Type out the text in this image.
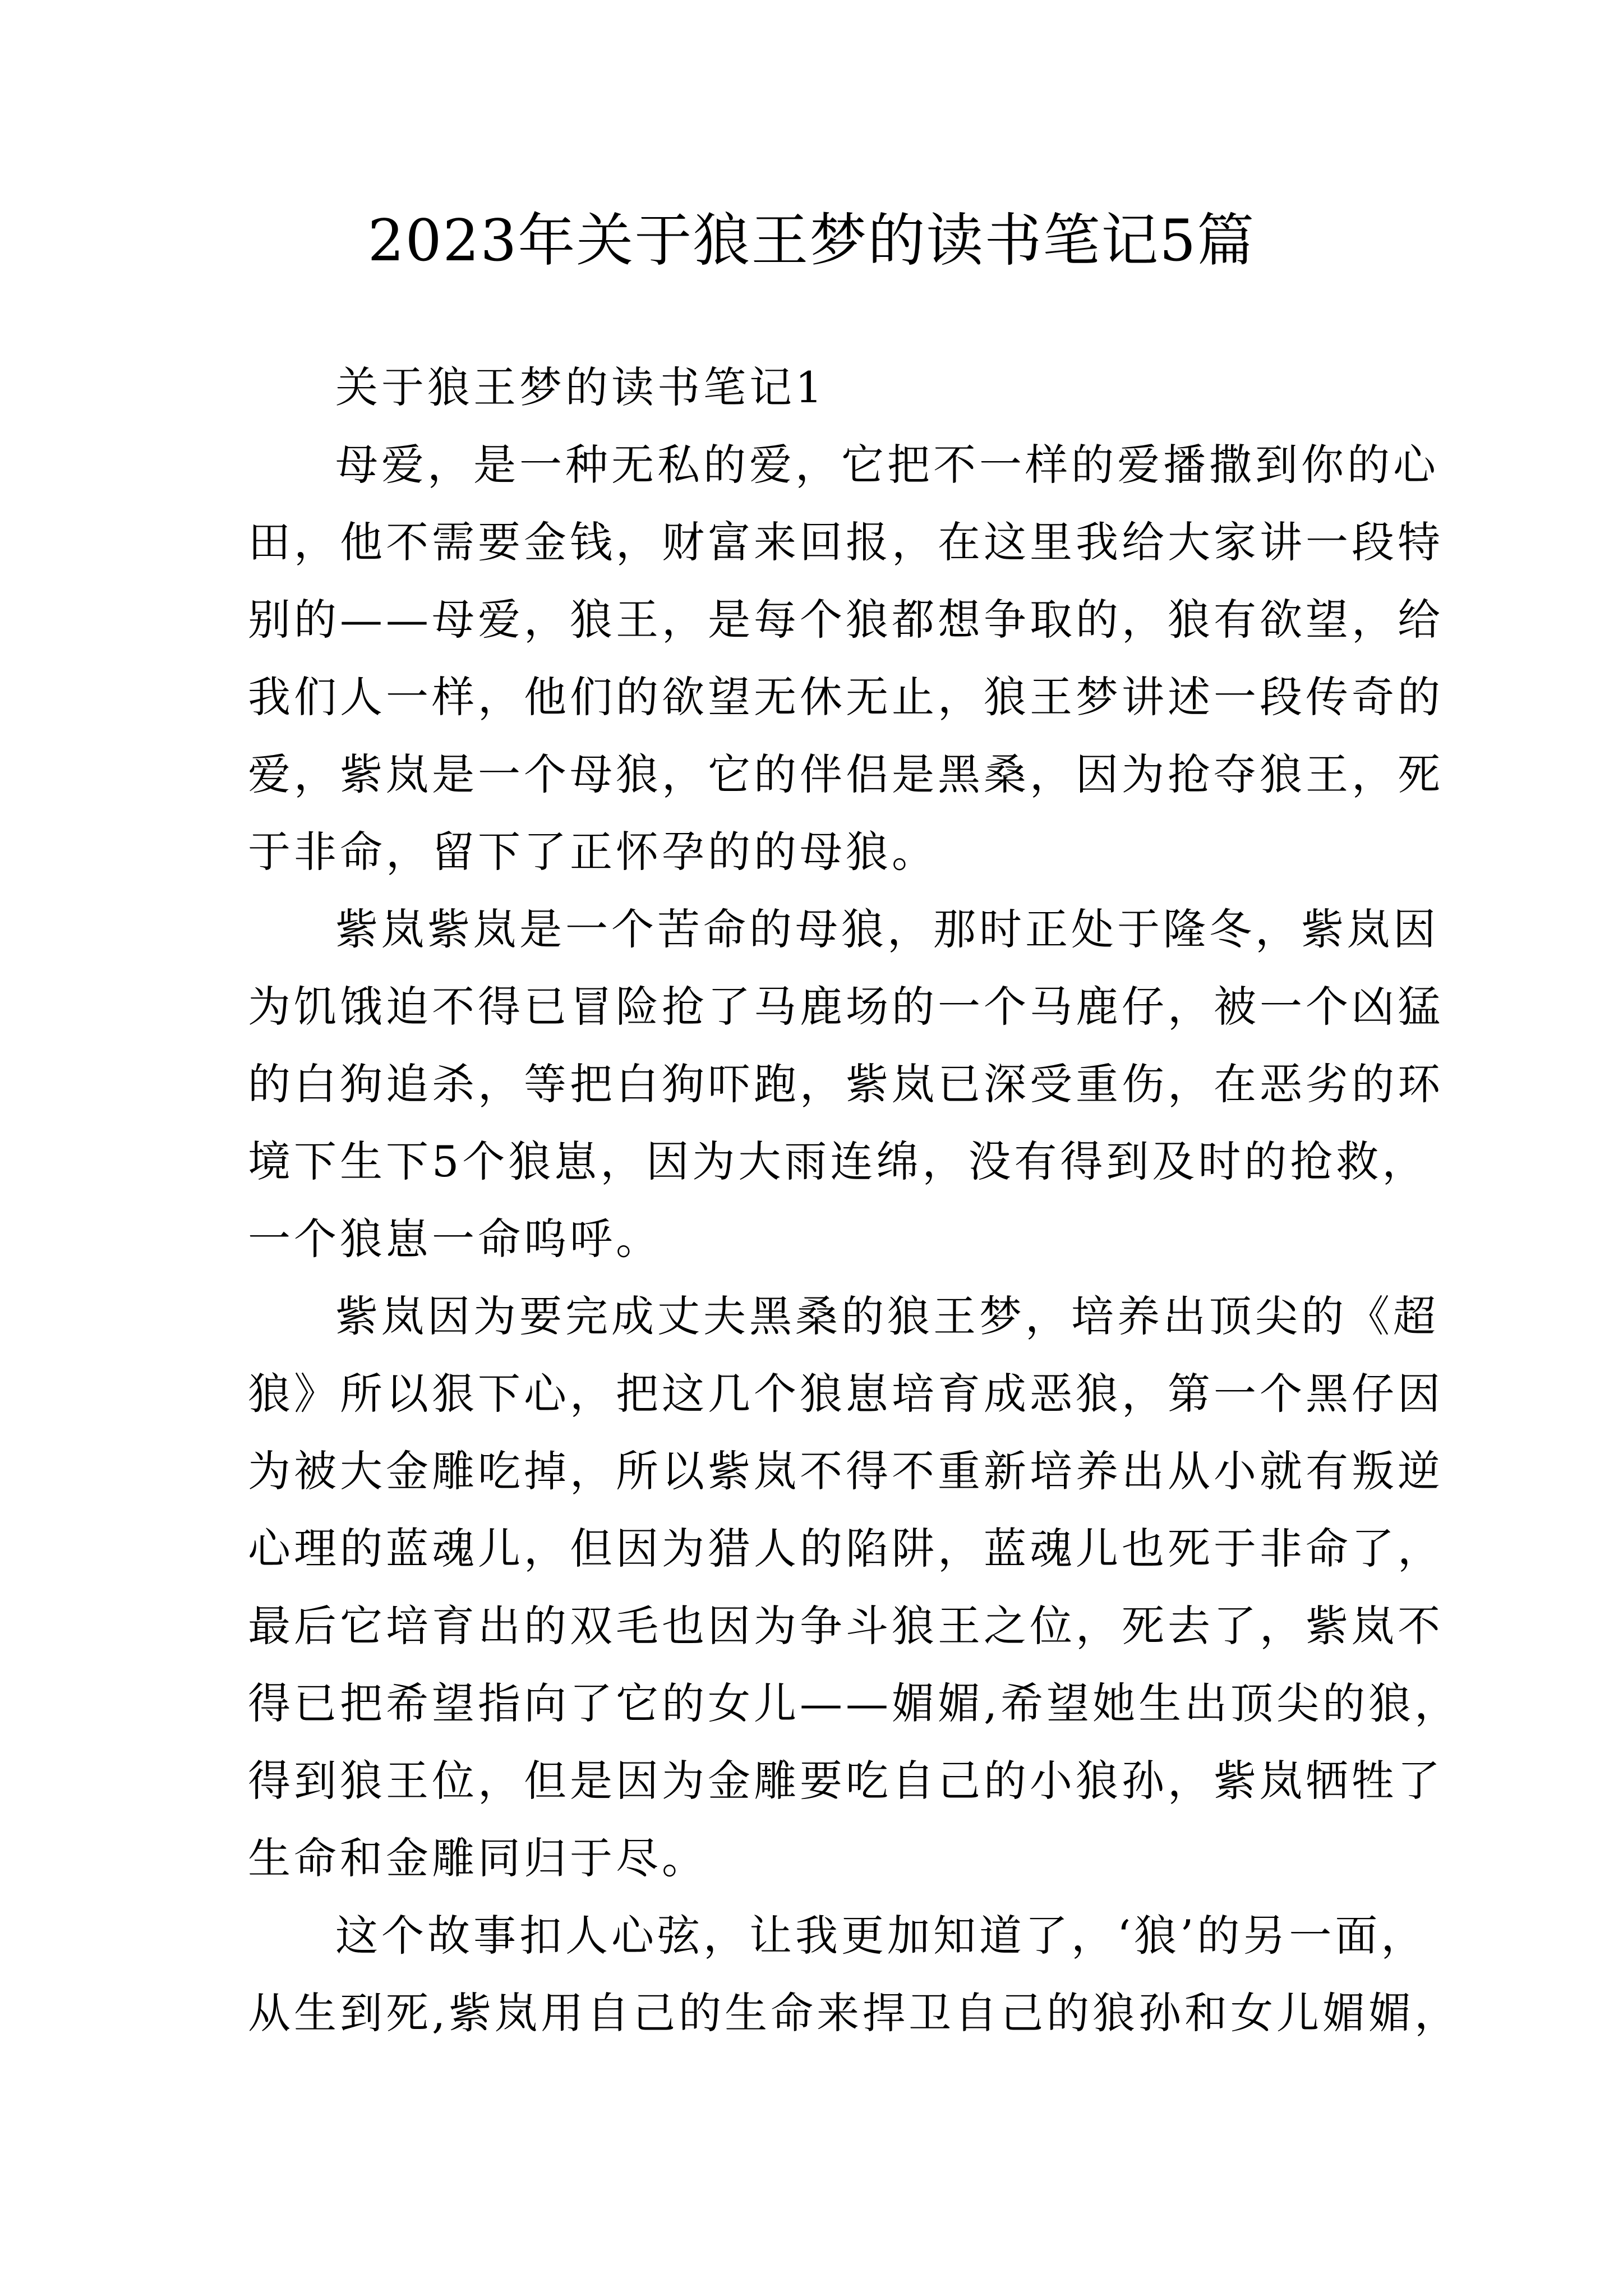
2023年关于狼王梦的读书笔记5篇
关于狼王梦的读书笔记1
母爱，是一种无私的爱，它把不一样的爱播撒到你的心
田，他不需要金钱，财富来回报，在这里我给大家讲一段特
别的——母爱，狼王，是每个狼都想争取的，狼有欲望，给
我们人一样，他们的欲望无休无止，狼王梦讲述一段传奇的
爱，紫岚是一个母狼，它的伴侣是黑桑，因为抢夺狼王，死
于非命，留下了正怀孕的的母狼。
紫岚紫岚是一个苦命的母狼，那时正处于隆冬，紫岚因
为饥饿迫不得已冒险抢了马鹿场的一个马鹿仔，被一个凶猛
的白狗追杀，等把白狗吓跑，紫岚已深受重伤，在恶劣的环
境下生下5个狼崽，因为大雨连绵，没有得到及时的抢救，
一个狼崽一命呜呼。
紫岚因为要完成丈夫黑桑的狼王梦，培养出顶尖的《超
狼》所以狠下心，把这几个狼崽培育成恶狼，第一个黑仔因
为被大金雕吃掉，所以紫岚不得不重新培养出从小就有叛逆
心理的蓝魂儿，但因为猎人的陷阱，蓝魂儿也死于非命了，
最后它培育出的双毛也因为争斗狼王之位，死去了，紫岚不
得已把希望指向了它的女儿——媚媚,希望她生出顶尖的狼，
得到狼王位，但是因为金雕要吃自己的小狼孙，紫岚牺牲了
生命和金雕同归于尽。
这个故事扣人心弦，让我更加知道了，‘狼’的另一面，
从生到死,紫岚用自己的生命来捍卫自己的狼孙和女儿媚媚，
